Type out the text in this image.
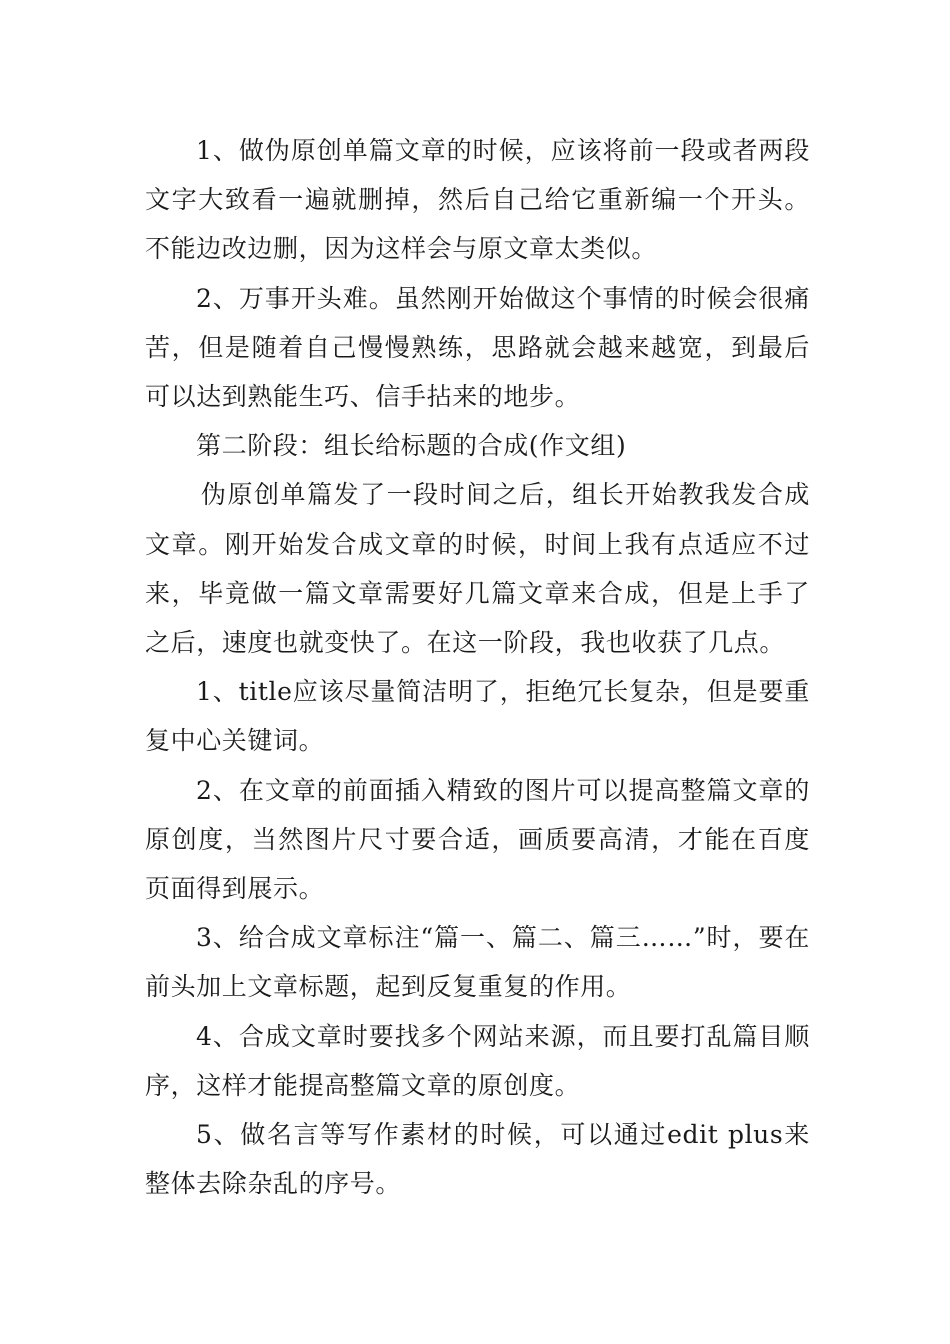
1、做伪原创单篇文章的时候，应该将前一段或者两段文字大致看一遍就删掉，然后自己给它重新编一个开头。不能边改边删，因为这样会与原文章太类似。

2、万事开头难。虽然刚开始做这个事情的时候会很痛苦，但是随着自己慢慢熟练，思路就会越来越宽，到最后可以达到熟能生巧、信手拈来的地步。

第二阶段：组长给标题的合成(作文组)

伪原创单篇发了一段时间之后，组长开始教我发合成文章。刚开始发合成文章的时候，时间上我有点适应不过来，毕竟做一篇文章需要好几篇文章来合成，但是上手了之后，速度也就变快了。在这一阶段，我也收获了几点。

1、title应该尽量简洁明了，拒绝冗长复杂，但是要重复中心关键词。

2、在文章的前面插入精致的图片可以提高整篇文章的原创度，当然图片尺寸要合适，画质要高清，才能在百度页面得到展示。

3、给合成文章标注“篇一、篇二、篇三……”时，要在前头加上文章标题，起到反复重复的作用。

4、合成文章时要找多个网站来源，而且要打乱篇目顺序，这样才能提高整篇文章的原创度。

5、做名言等写作素材的时候，可以通过edit plus来整体去除杂乱的序号。
